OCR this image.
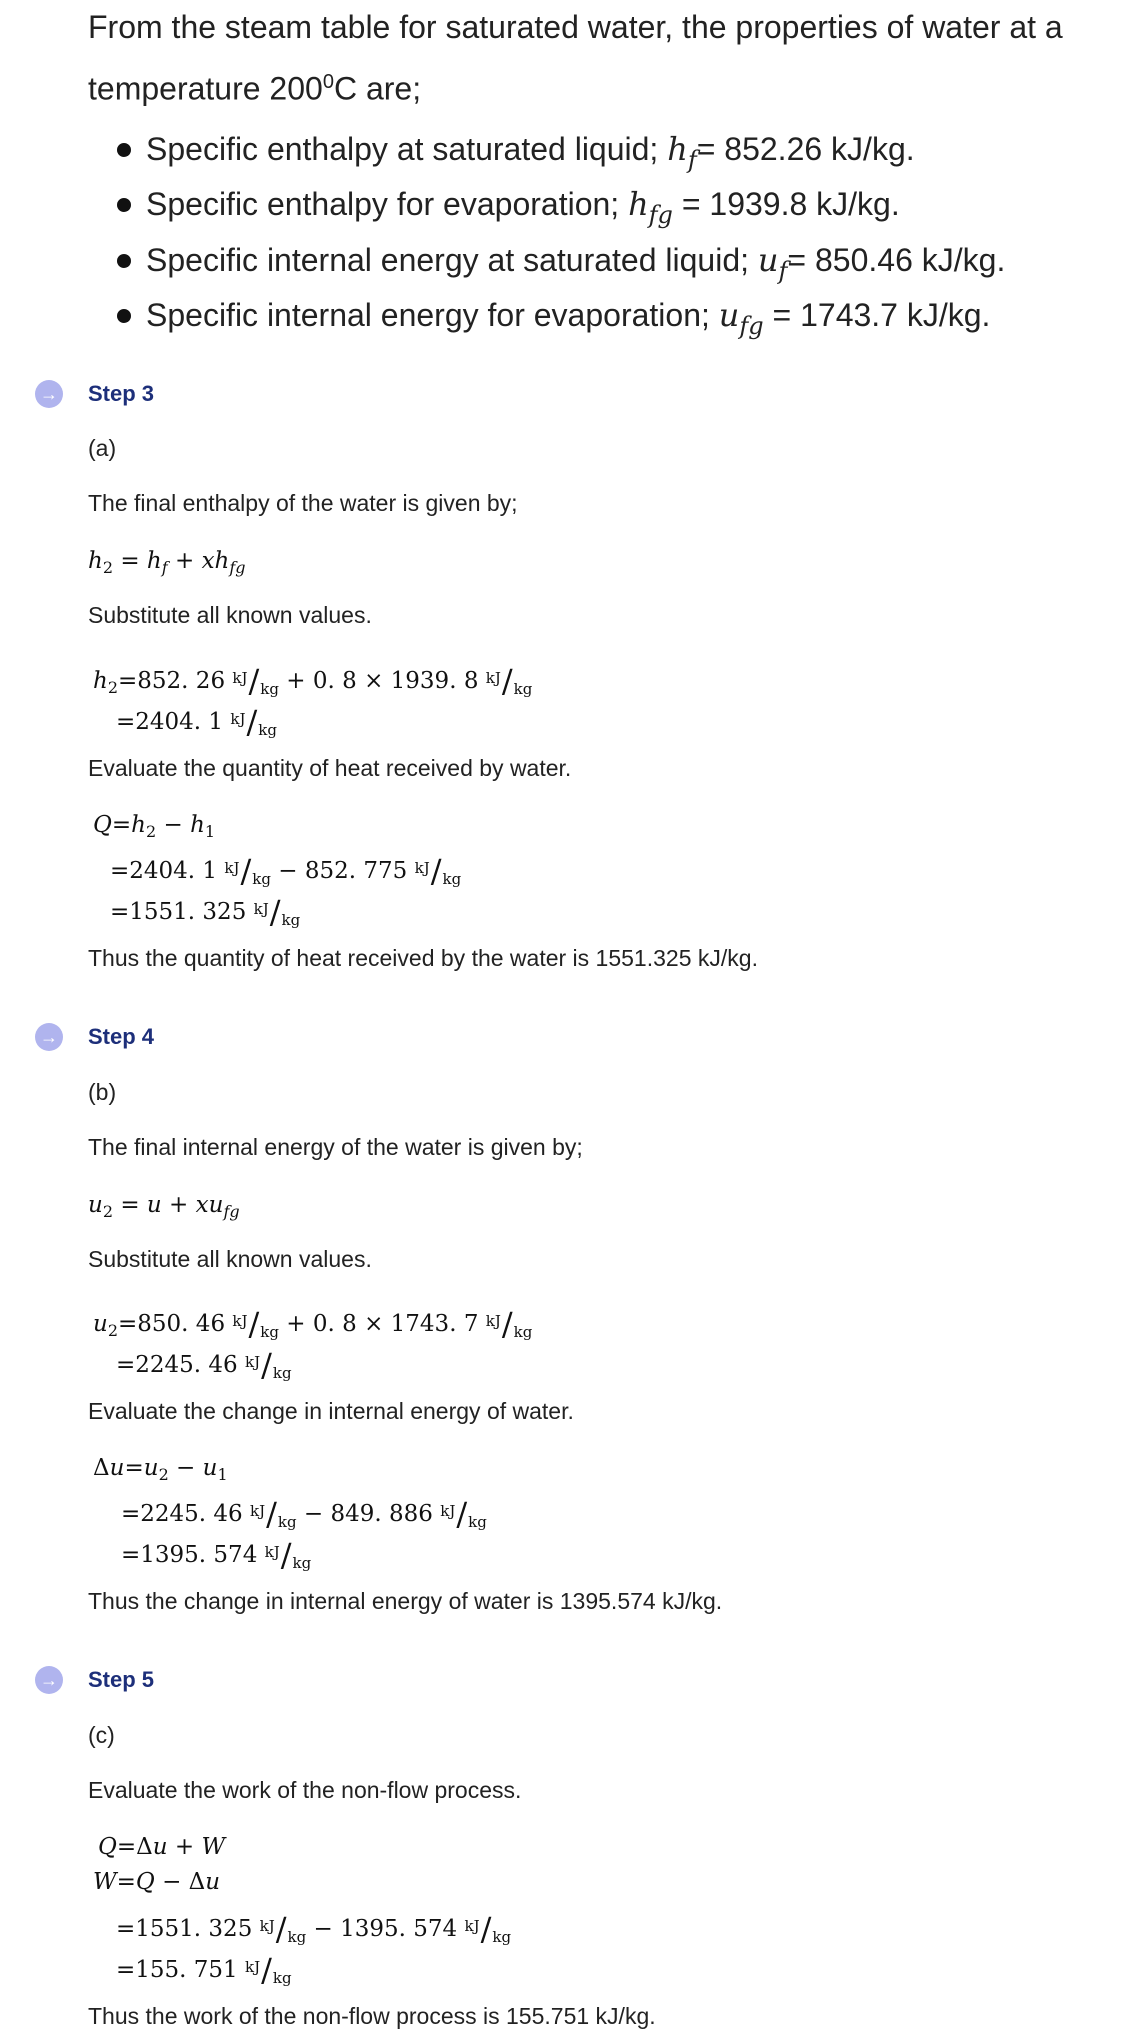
From the steam table for saturated water, the properties of water at a temperature $200^0C$ are;

Specific enthalpy at saturated liquid; $h_f= 852.26$ kJ/kg.
Specific enthalpy for evaporation; $h_{fg} = 1939.8$ kJ/kg.
Specific internal energy at saturated liquid; $u_f= 850.46$ kJ/kg.
Specific internal energy for evaporation; $u_{fg} = 1743.7$ kJ/kg.
→ Step 3
(a)
The final enthalpy of the water is given by;
$h_2 = h_f + xh_{fg}$
Substitute all known values.
$h_2=852$. 26 kJ/kg + 0. 8 × 1939. 8 kJ/kg
=2404. 1 kJ/kg
Evaluate the quantity of heat received by water.
$Q=h_2 - h_1$
=2404. 1 kJ/kg − 852. 775 kJ/kg
=1551. 325 kJ/kg
Thus the quantity of heat received by the water is 1551.325 kJ/kg.
→ Step 4
(b)
The final internal energy of the water is given by;
$u_2 = u + xu_{fg}$
Substitute all known values.
$u_2=850$. 46 kJ/kg + 0. 8 × 1743. 7 kJ/kg
=2245. 46 kJ/kg
Evaluate the change in internal energy of water.
$\Delta u=u_2 - u_1$
=2245. 46 kJ/kg − 849. 886 kJ/kg
=1395. 574 kJ/kg
Thus the change in internal energy of water is 1395.574 kJ/kg.
→ Step 5
(c)
Evaluate the work of the non-flow process.
Q=Δu + W
W=Q − Δu
=1551. 325 kJ/kg − 1395. 574 kJ/kg
=155. 751 kJ/kg
Thus the work of the non-flow process is 155.751 kJ/kg.
